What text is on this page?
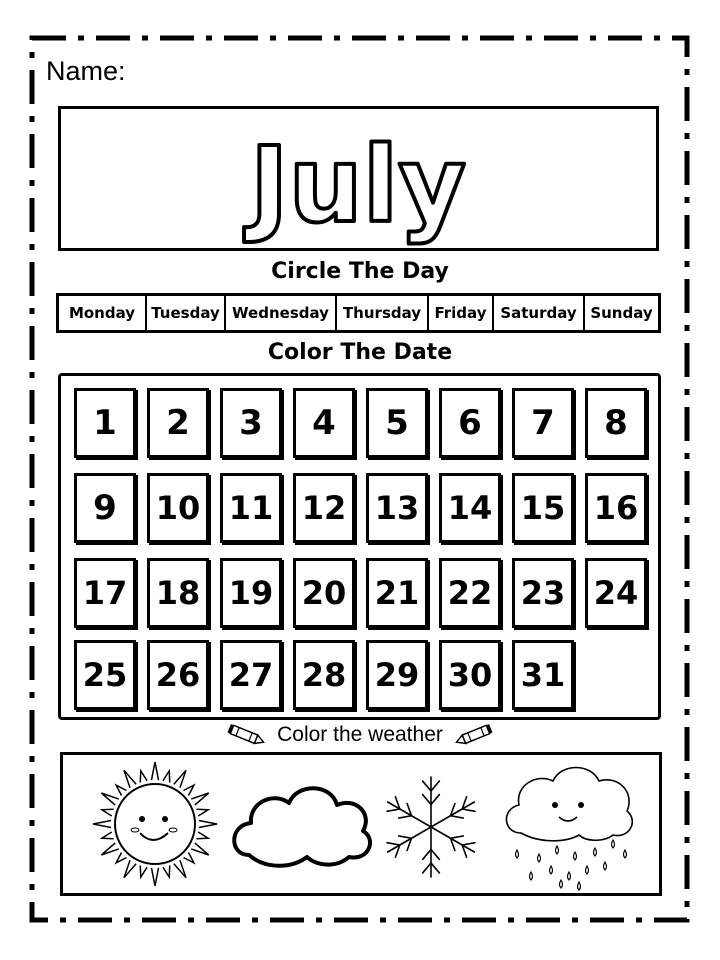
Name:
July
Circle The Day
Monday	Tuesday Wednesday Thursday Friday Saturday Sunday
Color The Date
1	2	3	4	5	6	7	8
9	10 11 12 13 14 15 16
17 18 19 20 21 22 23 24
25 26 27 28 29 30 31
Color the weather
